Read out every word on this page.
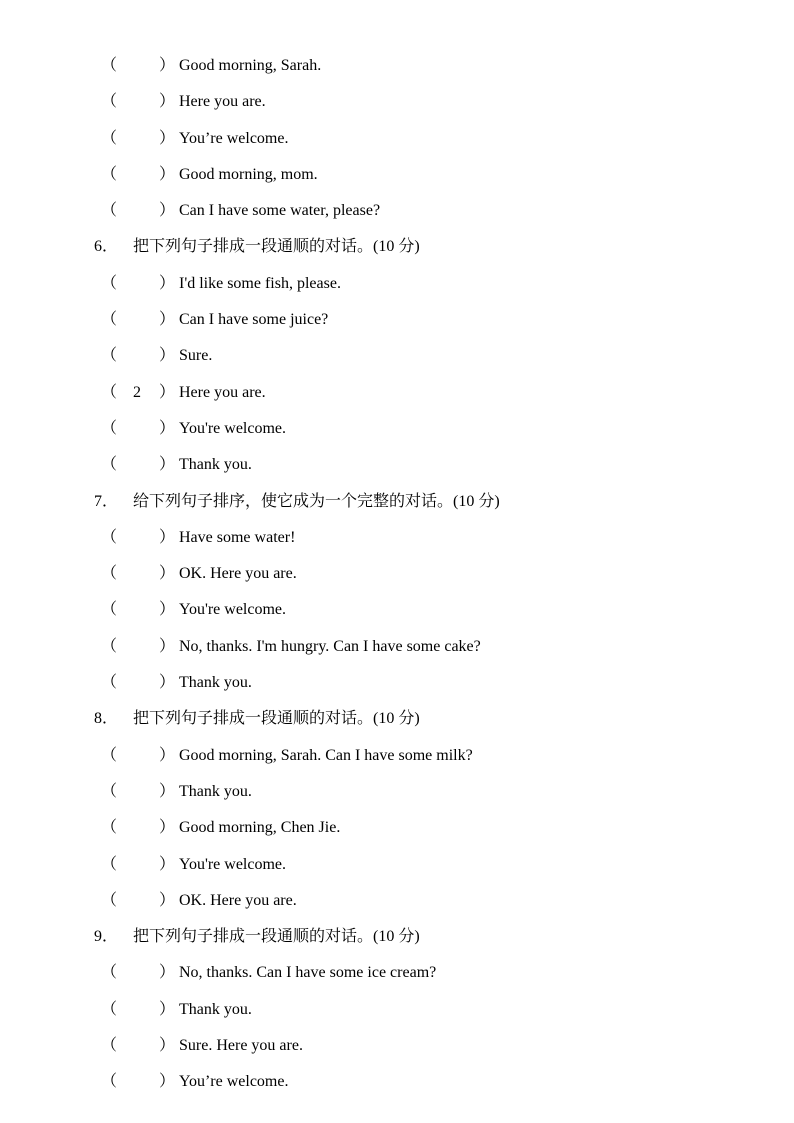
（	） Good morning, Sarah.
（	） Here you are.
（	） You’re welcome.
（	） Good morning, mom.
（	） Can I have some water, please?
6． 把下列句子排成一段通顺的对话。(10 分)
（	） I'd like some fish, please.
（	） Can I have some juice?
（	） Sure.
（ 2	） Here you are.
（	） You're welcome.
（	） Thank you.
7． 给下列句子排序，使它成为一个完整的对话。(10 分)
（	） Have some water!
（	） OK. Here you are.
（	） You're welcome.
（	） No, thanks. I'm hungry. Can I have some cake?
（	） Thank you.
8． 把下列句子排成一段通顺的对话。(10 分)
（	） Good morning, Sarah. Can I have some milk?
（	） Thank you.
（	） Good morning, Chen Jie.
（	） You're welcome.
（	） OK. Here you are.
9． 把下列句子排成一段通顺的对话。(10 分)
（	） No, thanks. Can I have some ice cream?
（	） Thank you.
（	） Sure. Here you are.
（	） You’re welcome.
